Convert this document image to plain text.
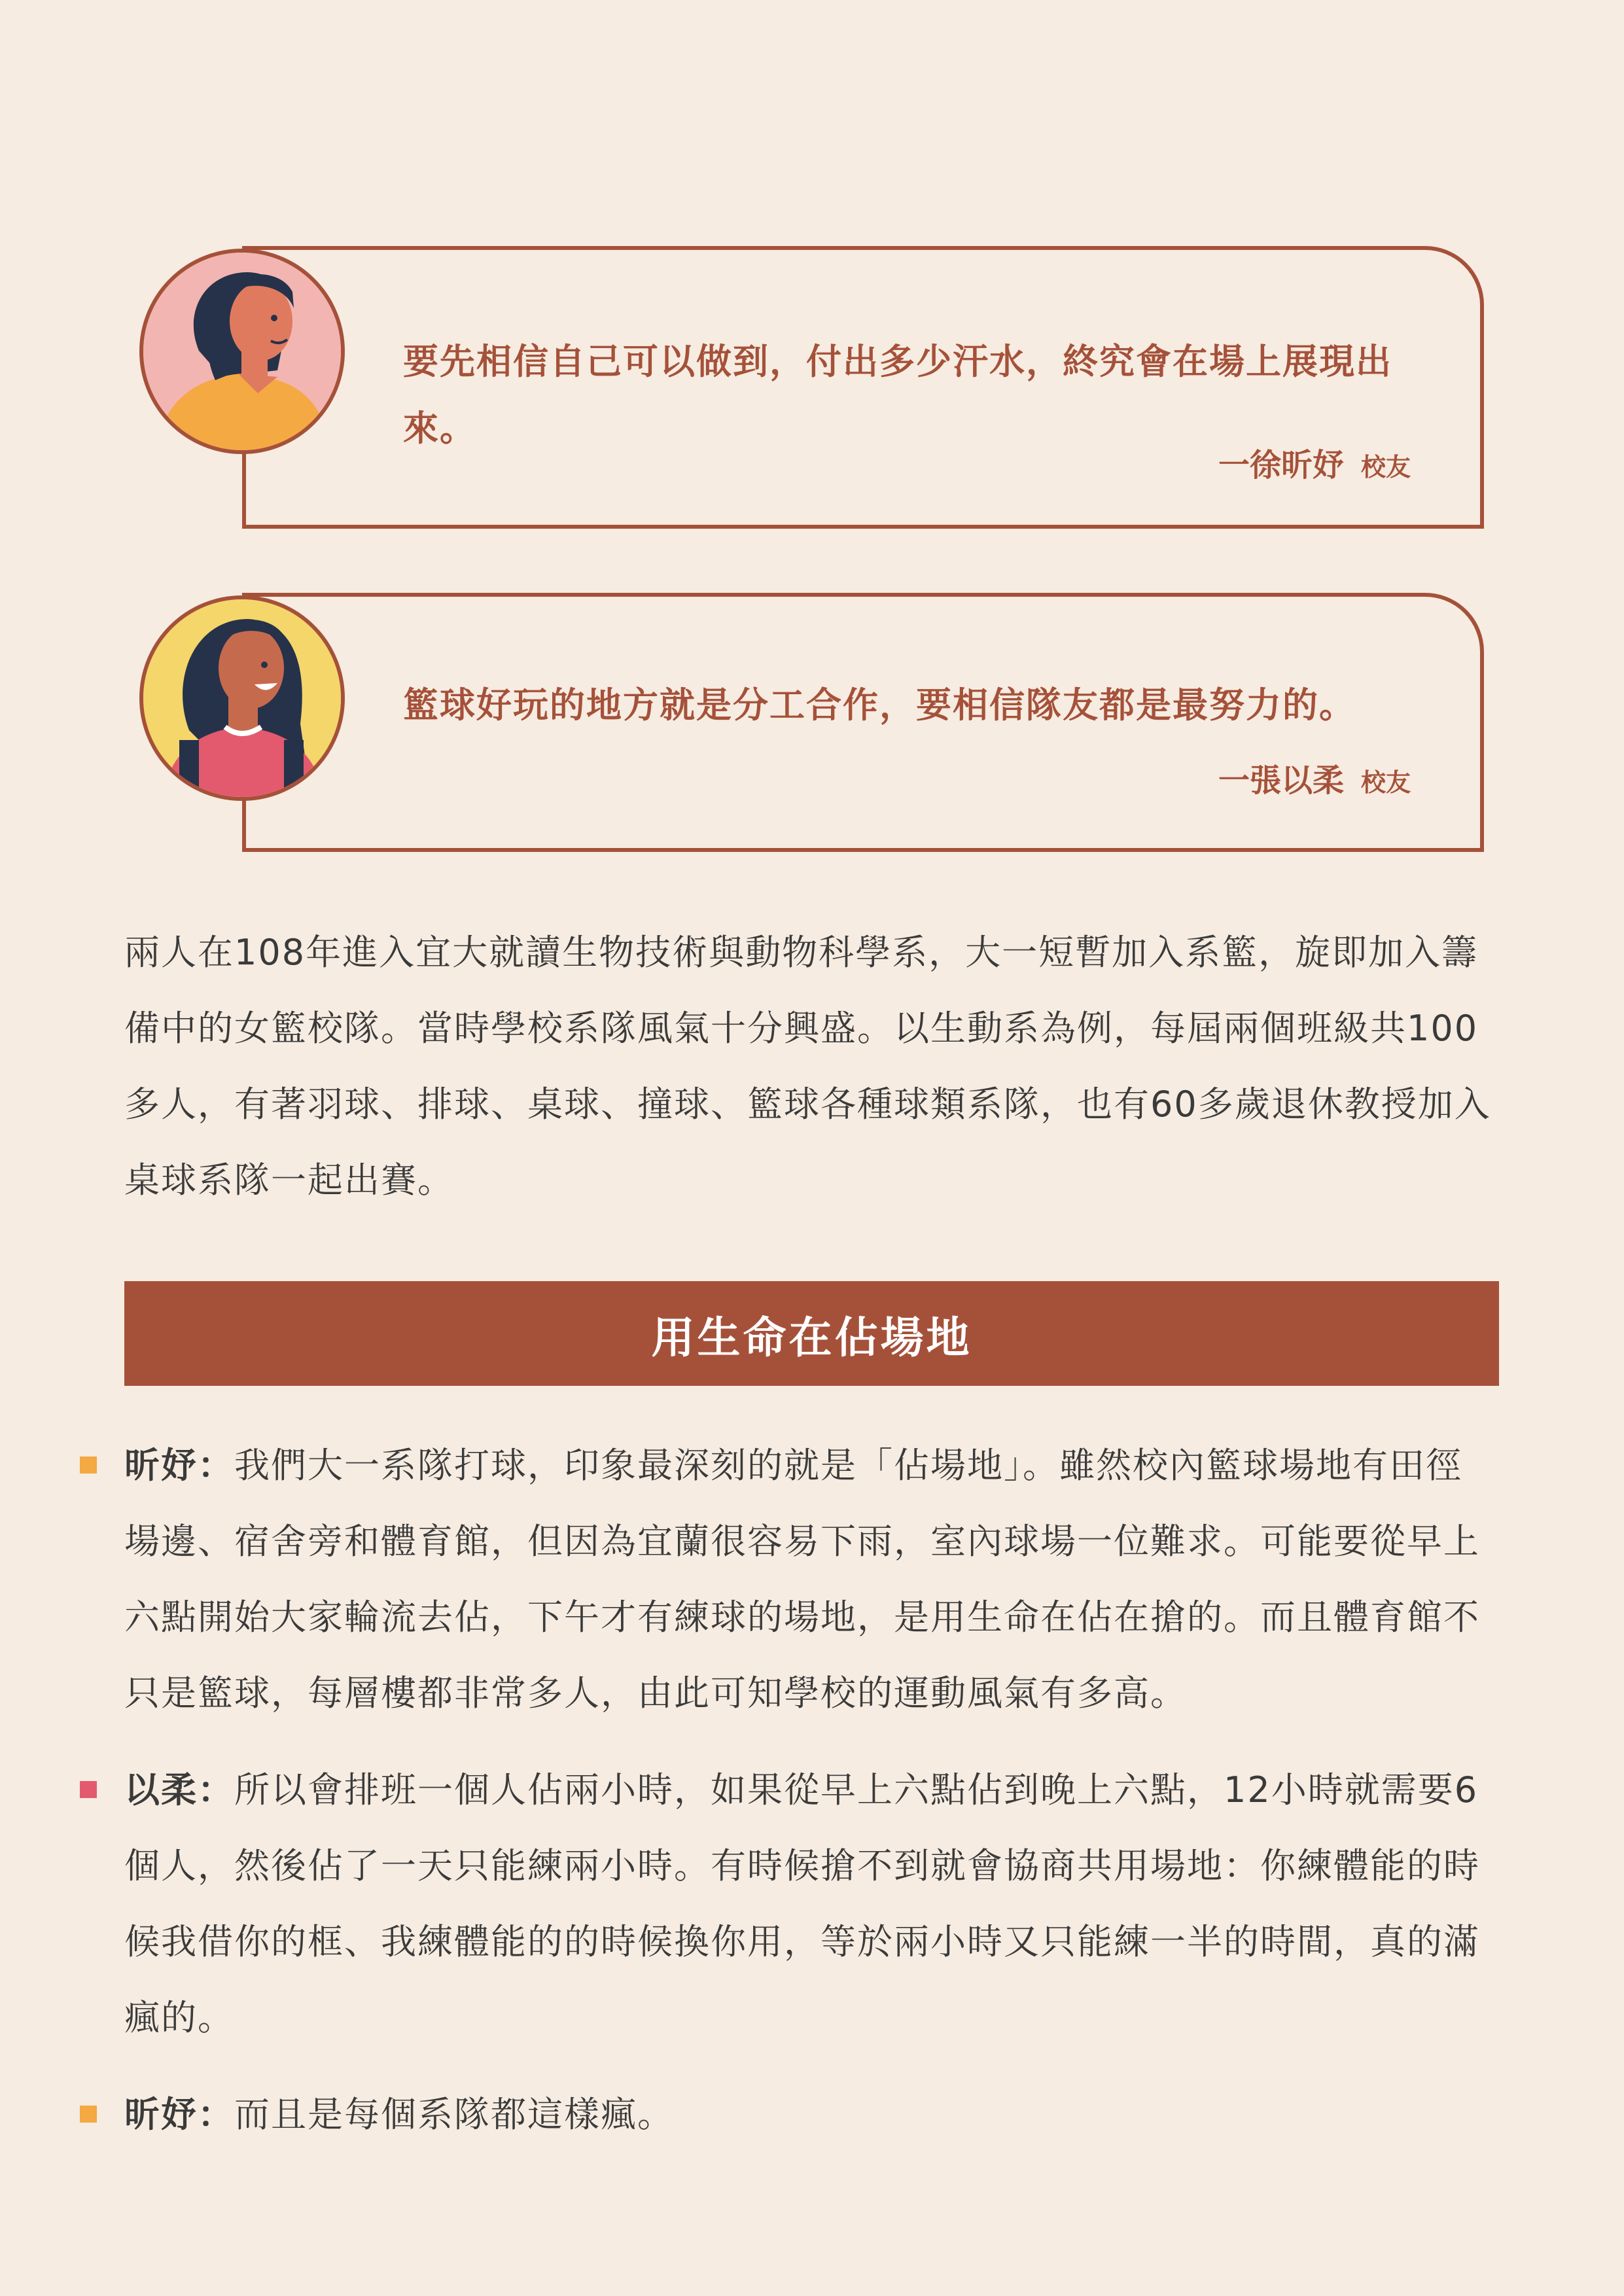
要先相信自己可以做到，付出多少汗水，終究會在場上展現出來。
一徐昕妤 校友
籃球好玩的地方就是分工合作，要相信隊友都是最努力的。
一張以柔 校友
兩人在108年進入宜大就讀生物技術與動物科學系，大一短暫加入系籃，旋即加入籌備中的女籃校隊。當時學校系隊風氣十分興盛。以生動系為例，每屆兩個班級共100多人，有著羽球、排球、桌球、撞球、籃球各種球類系隊，也有60多歲退休教授加入桌球系隊一起出賽。
用生命在佔場地
昕妤：我們大一系隊打球，印象最深刻的就是「佔場地」。雖然校內籃球場地有田徑場邊、宿舍旁和體育館，但因為宜蘭很容易下雨，室內球場一位難求。可能要從早上六點開始大家輪流去佔，下午才有練球的場地，是用生命在佔在搶的。而且體育館不只是籃球，每層樓都非常多人，由此可知學校的運動風氣有多高。
以柔：所以會排班一個人佔兩小時，如果從早上六點佔到晚上六點，12小時就需要6個人，然後佔了一天只能練兩小時。有時候搶不到就會協商共用場地：你練體能的時候我借你的框、我練體能的的時候換你用，等於兩小時又只能練一半的時間，真的滿瘋的。
昕妤：而且是每個系隊都這樣瘋。
